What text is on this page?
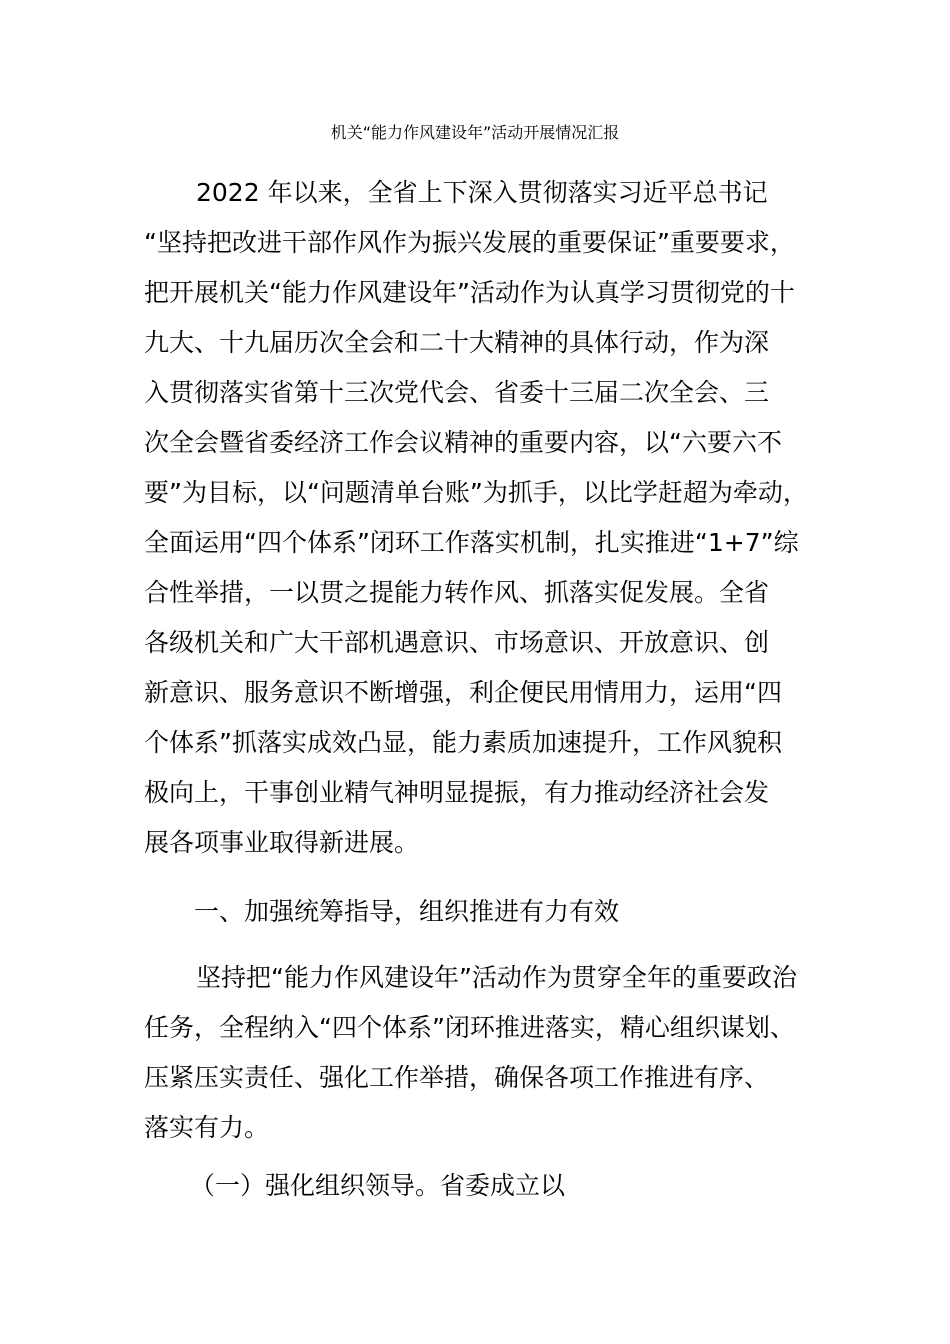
机关“能力作风建设年”活动开展情况汇报
2022 年以来，全省上下深入贯彻落实习近平总书记
“坚持把改进干部作风作为振兴发展的重要保证”重要要求，
把开展机关“能力作风建设年”活动作为认真学习贯彻党的十
九大、十九届历次全会和二十大精神的具体行动，作为深
入贯彻落实省第十三次党代会、省委十三届二次全会、三
次全会暨省委经济工作会议精神的重要内容，以“六要六不
要”为目标，以“问题清单台账”为抓手，以比学赶超为牵动，
全面运用“四个体系”闭环工作落实机制，扎实推进“1+7”综
合性举措，一以贯之提能力转作风、抓落实促发展。全省
各级机关和广大干部机遇意识、市场意识、开放意识、创
新意识、服务意识不断增强，利企便民用情用力，运用“四
个体系”抓落实成效凸显，能力素质加速提升，工作风貌积
极向上，干事创业精气神明显提振，有力推动经济社会发
展各项事业取得新进展。
一、加强统筹指导，组织推进有力有效
坚持把“能力作风建设年”活动作为贯穿全年的重要政治
任务，全程纳入“四个体系”闭环推进落实，精心组织谋划、
压紧压实责任、强化工作举措，确保各项工作推进有序、
落实有力。
（一）强化组织领导。省委成立以
